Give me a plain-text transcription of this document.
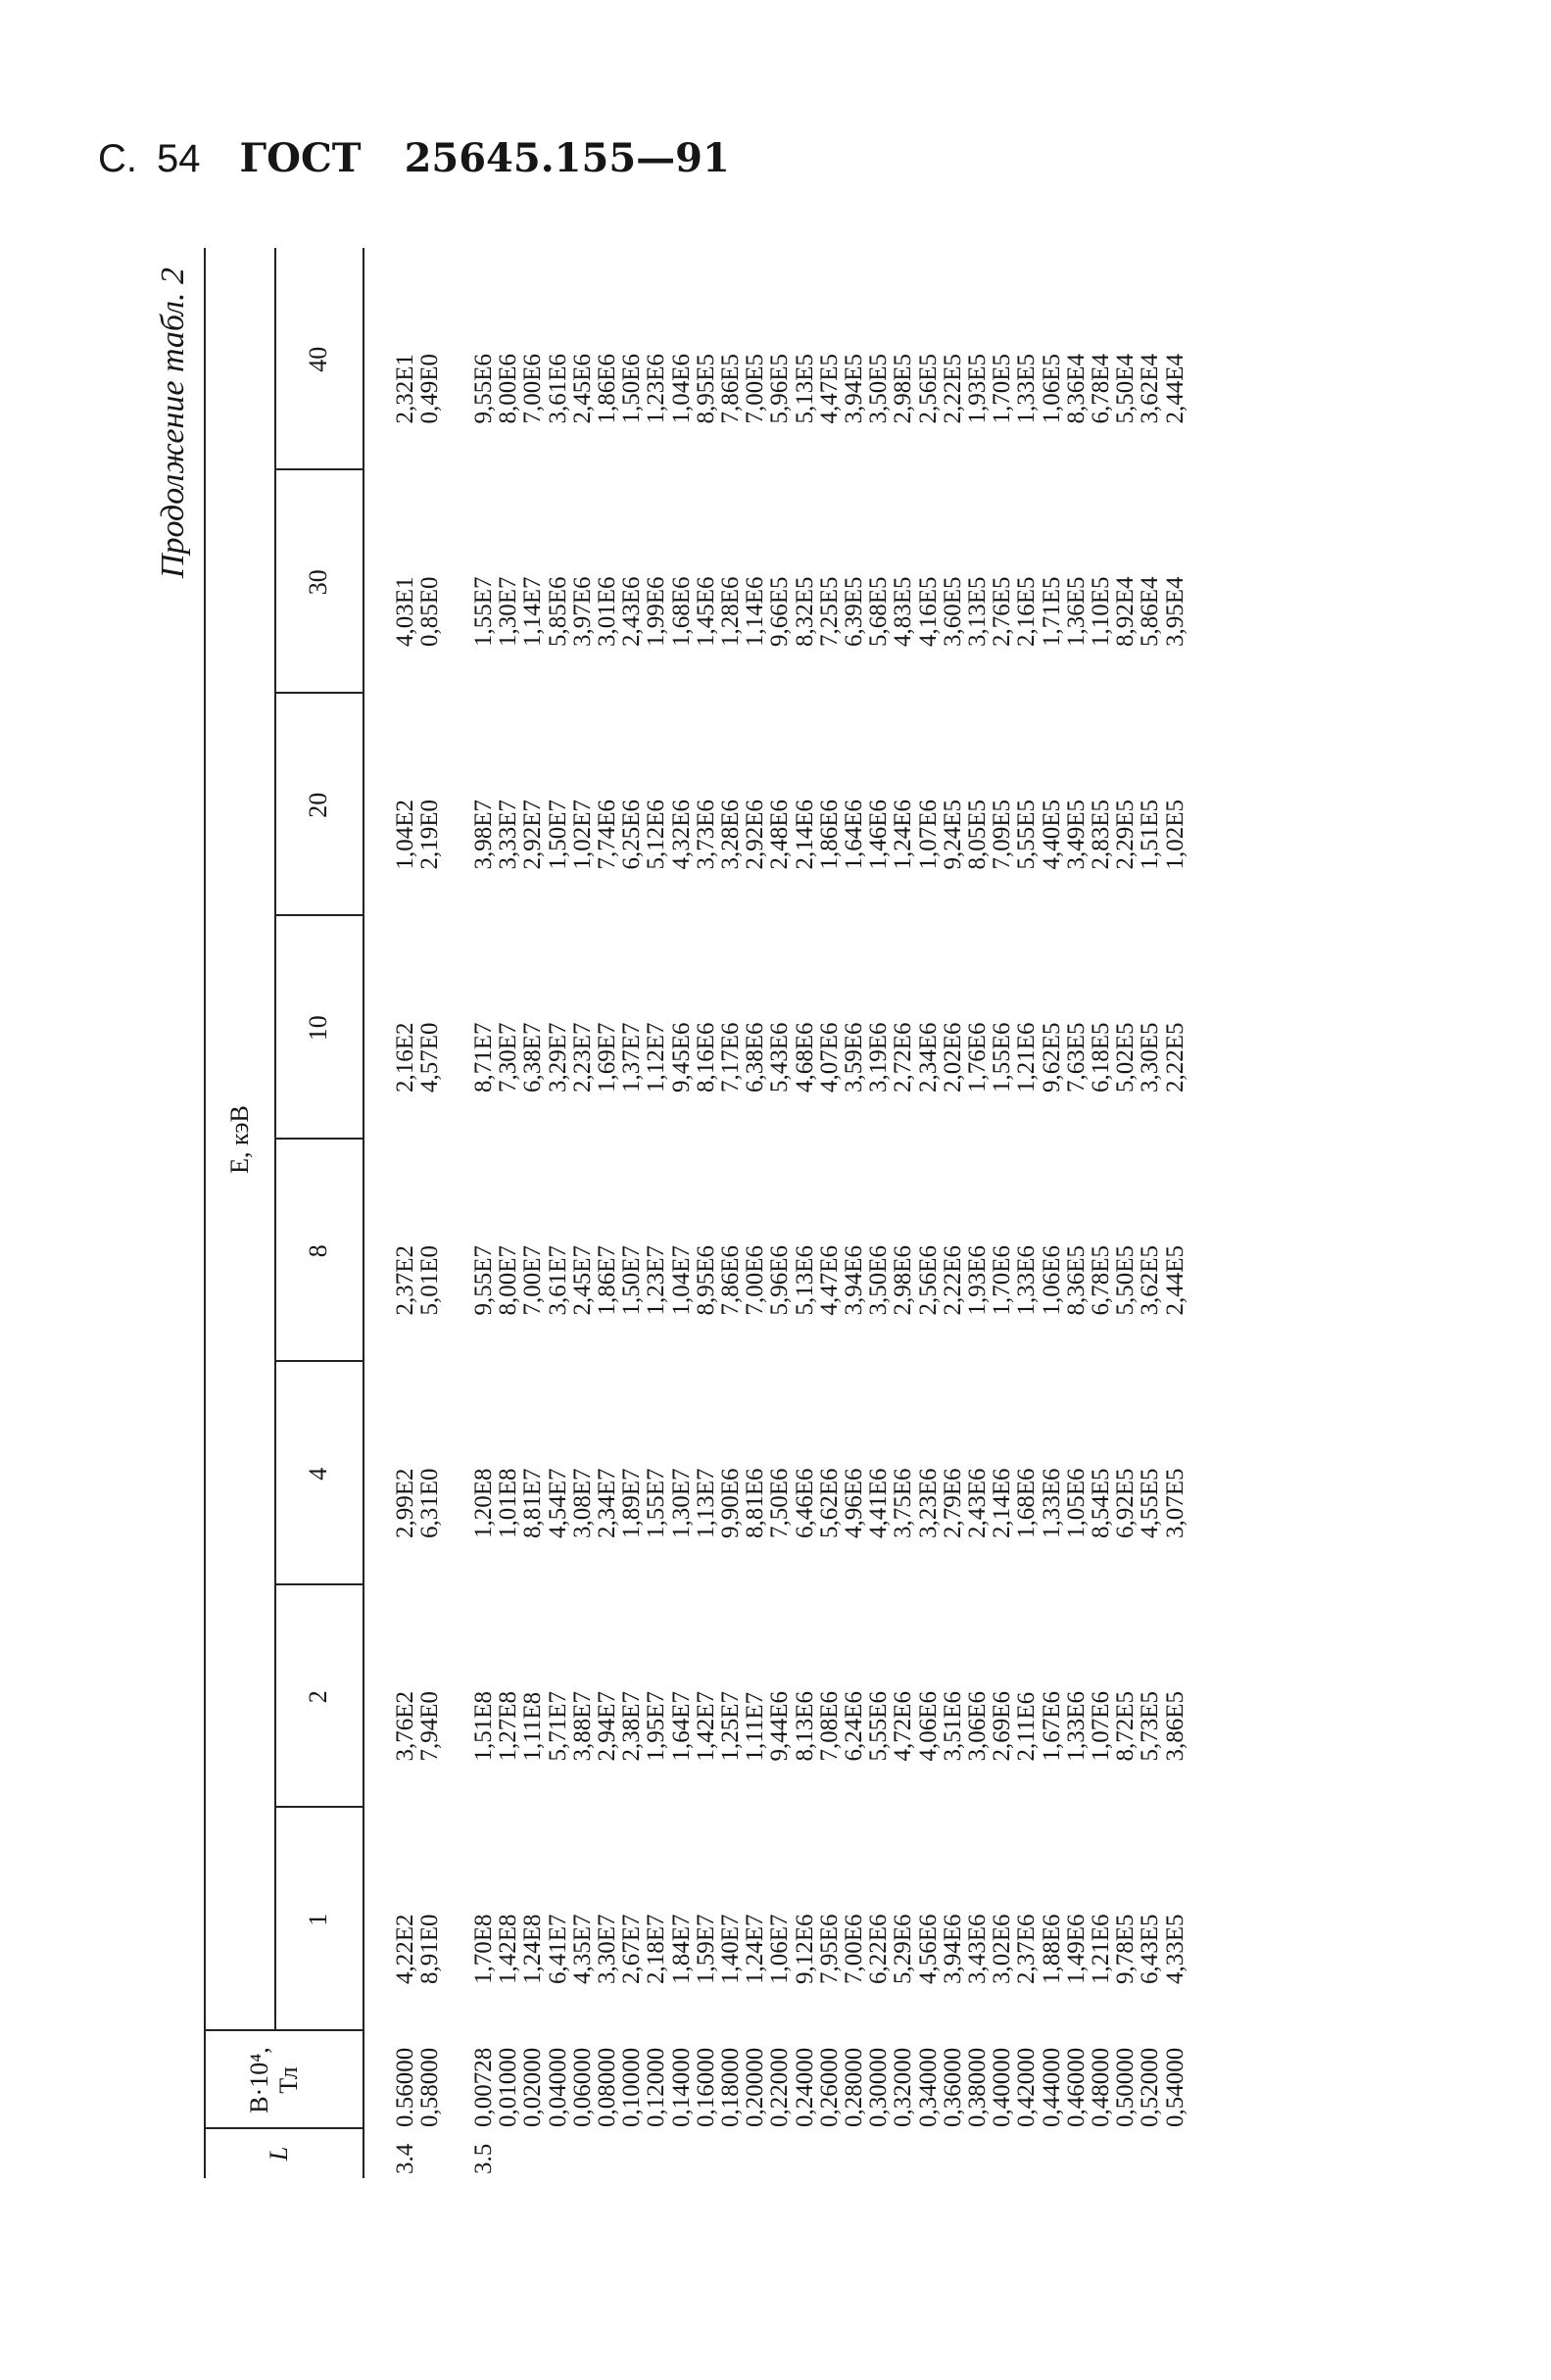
С. 54 ГОСТ 25645.155—91
Продолжение табл. 2
L
B·10⁴, Тл
E, кэВ
1
2
4
8
10
20
30
40
3.4
0.56000
0,58000
4,22E2
8,91E0
3,76E2
7,94E0
2,99E2
6,31E0
2,37E2
5,01E0
2,16E2
4,57E0
1,04E2
2,19E0
4,03E1
0,85E0
2,32E1
0,49E0
3.5
0,00728
0,01000
0,02000
0,04000
0,06000
0,08000
0,10000
0,12000
0,14000
0,16000
0,18000
0,20000
0,22000
0,24000
0,26000
0,28000
0,30000
0,32000
0,34000
0,36000
0,38000
0,40000
0,42000
0,44000
0,46000
0,48000
0,50000
0,52000
0,54000
1,70E8
1,42E8
1,24E8
6,41E7
4,35E7
3,30E7
2,67E7
2,18E7
1,84E7
1,59E7
1,40E7
1,24E7
1,06E7
9,12E6
7,95E6
7,00E6
6,22E6
5,29E6
4,56E6
3,94E6
3,43E6
3,02E6
2,37E6
1,88E6
1,49E6
1,21E6
9,78E5
6,43E5
4,33E5
1,51E8
1,27E8
1,11E8
5,71E7
3,88E7
2,94E7
2,38E7
1,95E7
1,64E7
1,42E7
1,25E7
1,11E7
9,44E6
8,13E6
7,08E6
6,24E6
5,55E6
4,72E6
4,06E6
3,51E6
3,06E6
2,69E6
2,11E6
1,67E6
1,33E6
1,07E6
8,72E5
5,73E5
3,86E5
1,20E8
1,01E8
8,81E7
4,54E7
3,08E7
2,34E7
1,89E7
1,55E7
1,30E7
1,13E7
9,90E6
8,81E6
7,50E6
6,46E6
5,62E6
4,96E6
4,41E6
3,75E6
3,23E6
2,79E6
2,43E6
2,14E6
1,68E6
1,33E6
1,05E6
8,54E5
6,92E5
4,55E5
3,07E5
9,55E7
8,00E7
7,00E7
3,61E7
2,45E7
1,86E7
1,50E7
1,23E7
1,04E7
8,95E6
7,86E6
7,00E6
5,96E6
5,13E6
4,47E6
3,94E6
3,50E6
2,98E6
2,56E6
2,22E6
1,93E6
1,70E6
1,33E6
1,06E6
8,36E5
6,78E5
5,50E5
3,62E5
2,44E5
8,71E7
7,30E7
6,38E7
3,29E7
2,23E7
1,69E7
1,37E7
1,12E7
9,45E6
8,16E6
7,17E6
6,38E6
5,43E6
4,68E6
4,07E6
3,59E6
3,19E6
2,72E6
2,34E6
2,02E6
1,76E6
1,55E6
1,21E6
9,62E5
7,63E5
6,18E5
5,02E5
3,30E5
2,22E5
3,98E7
3,33E7
2,92E7
1,50E7
1,02E7
7,74E6
6,25E6
5,12E6
4,32E6
3,73E6
3,28E6
2,92E6
2,48E6
2,14E6
1,86E6
1,64E6
1,46E6
1,24E6
1,07E6
9,24E5
8,05E5
7,09E5
5,55E5
4,40E5
3,49E5
2,83E5
2,29E5
1,51E5
1,02E5
1,55E7
1,30E7
1,14E7
5,85E6
3,97E6
3,01E6
2,43E6
1,99E6
1,68E6
1,45E6
1,28E6
1,14E6
9,66E5
8,32E5
7,25E5
6,39E5
5,68E5
4,83E5
4,16E5
3,60E5
3,13E5
2,76E5
2,16E5
1,71E5
1,36E5
1,10E5
8,92E4
5,86E4
3,95E4
9,55E6
8,00E6
7,00E6
3,61E6
2,45E6
1,86E6
1,50E6
1,23E6
1,04E6
8,95E5
7,86E5
7,00E5
5,96E5
5,13E5
4,47E5
3,94E5
3,50E5
2,98E5
2,56E5
2,22E5
1,93E5
1,70E5
1,33E5
1,06E5
8,36E4
6,78E4
5,50E4
3,62E4
2,44E4
